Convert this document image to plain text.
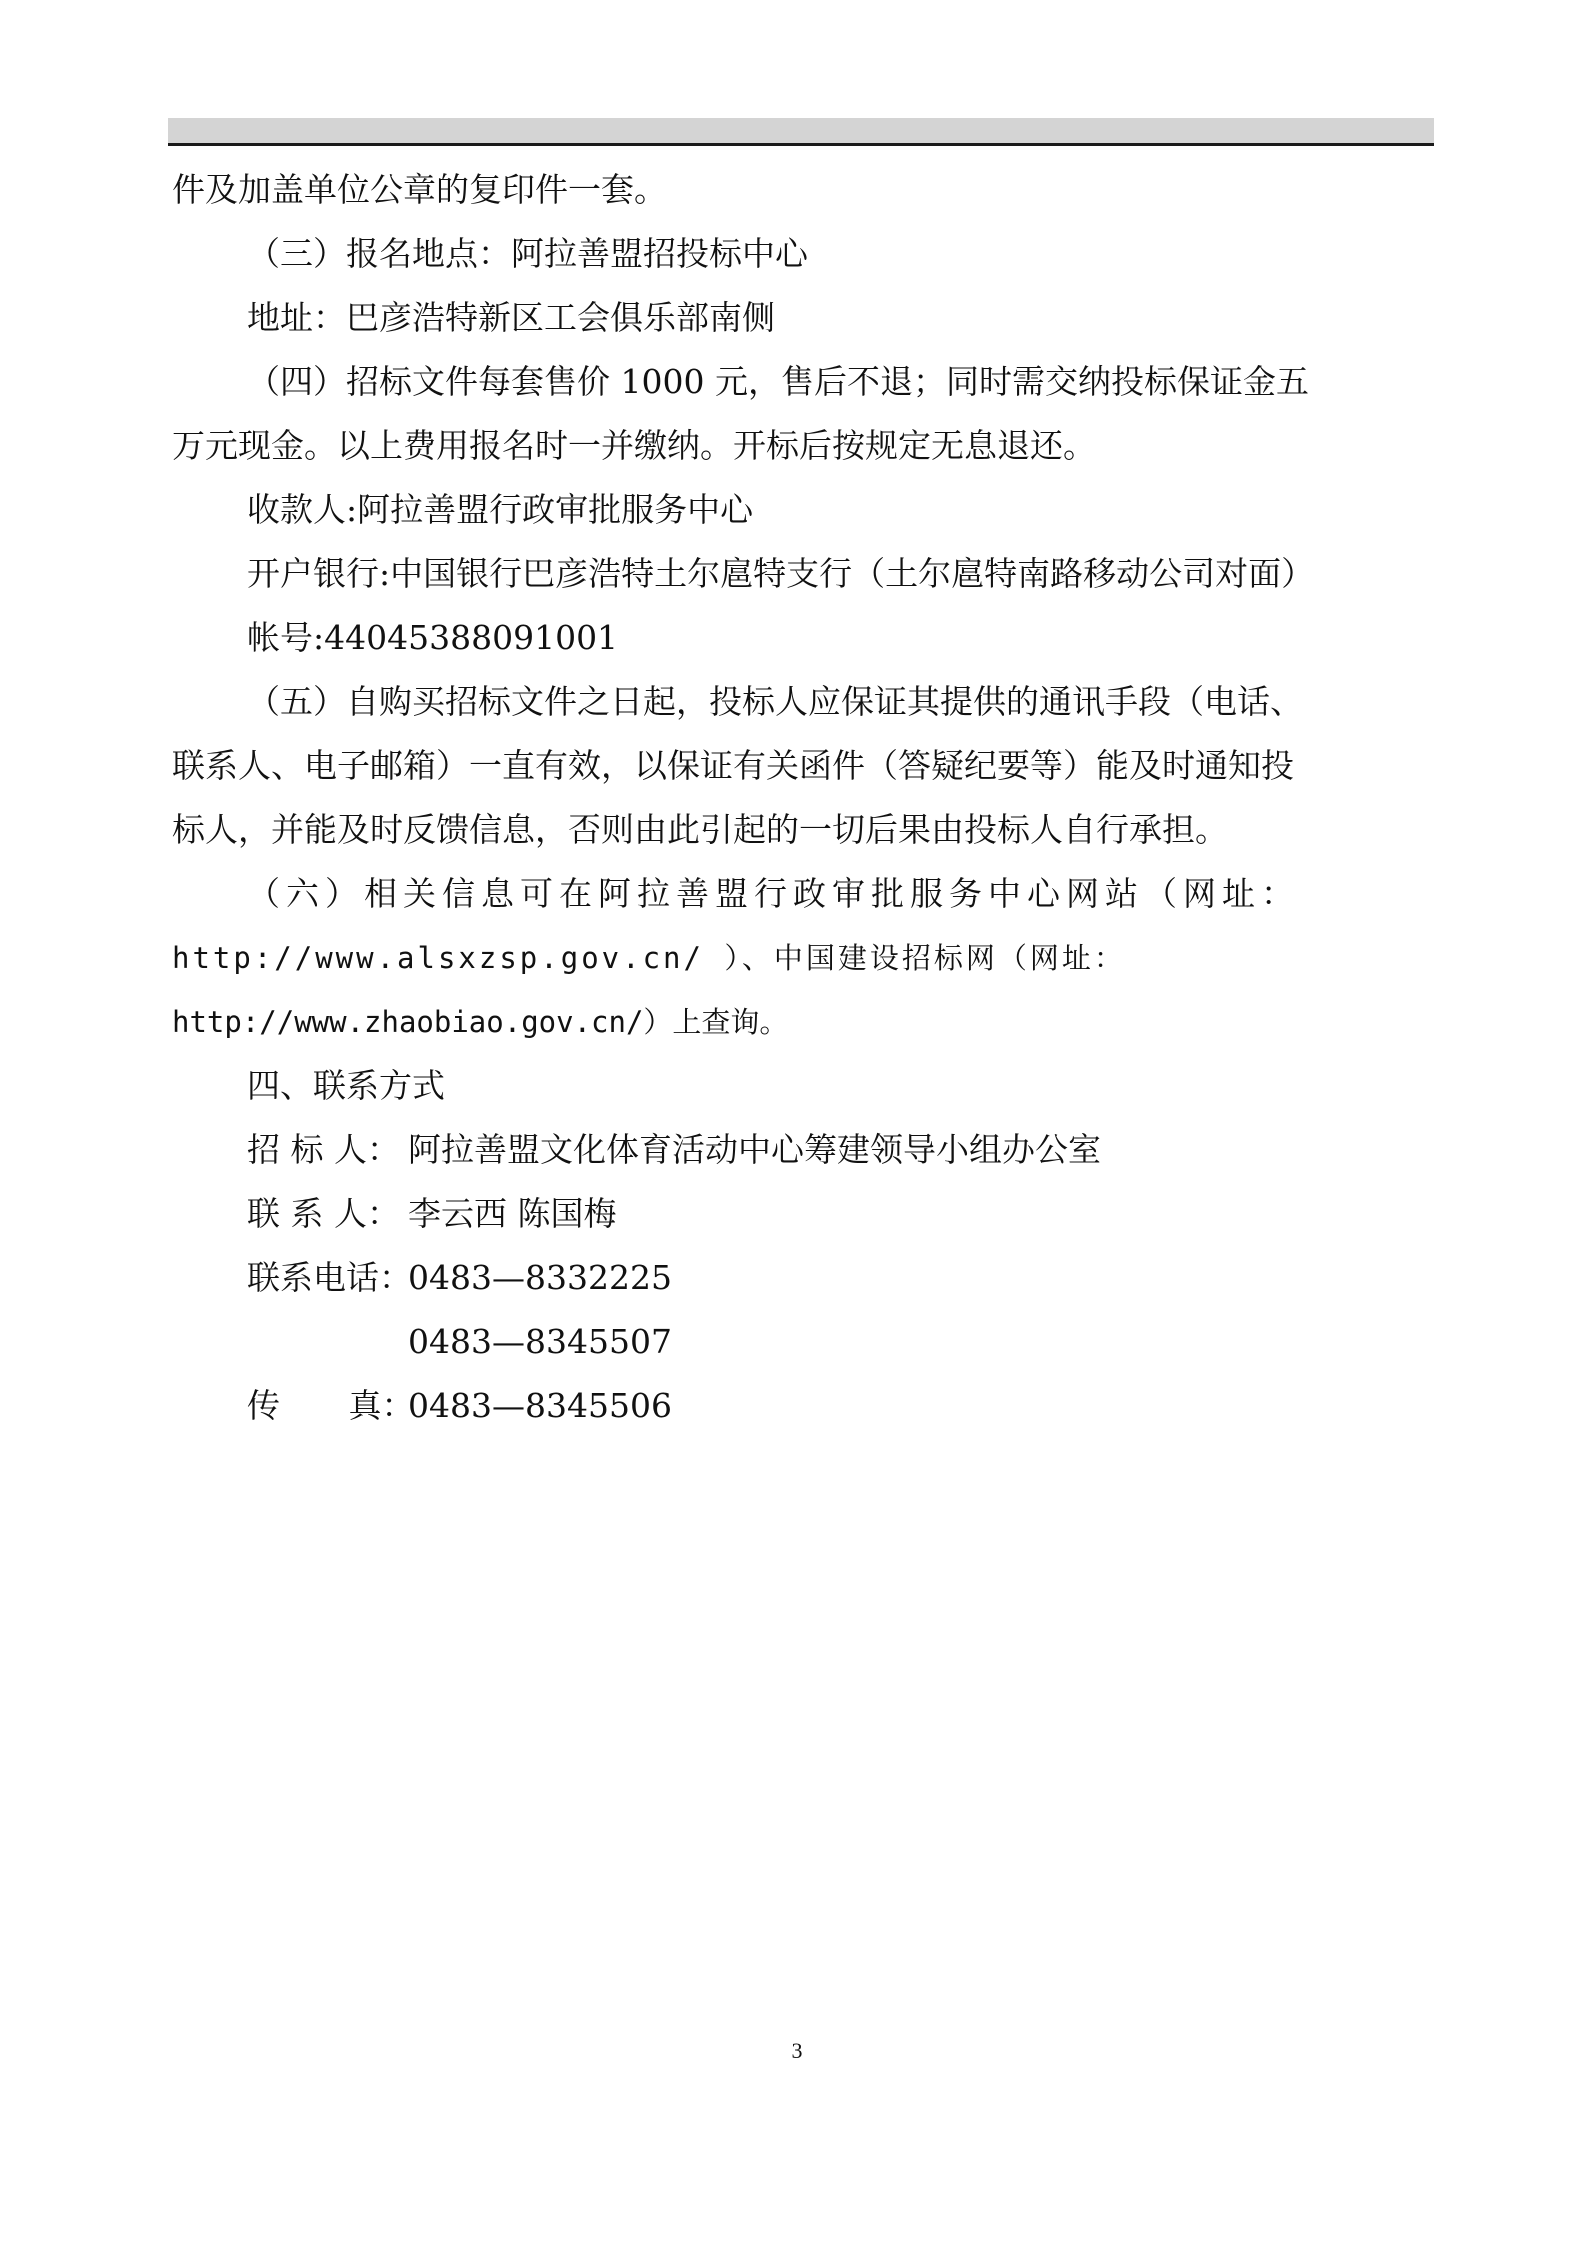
件及加盖单位公章的复印件一套。
（三）报名地点：阿拉善盟招投标中心
地址：巴彦浩特新区工会俱乐部南侧
（四）招标文件每套售价 1000 元，售后不退；同时需交纳投标保证金五
万元现金。以上费用报名时一并缴纳。开标后按规定无息退还。
收款人:阿拉善盟行政审批服务中心
开户银行:中国银行巴彦浩特土尔扈特支行（土尔扈特南路移动公司对面）
帐号:44045388091001
（五）自购买招标文件之日起，投标人应保证其提供的通讯手段（电话、
联系人、电子邮箱）一直有效，以保证有关函件（答疑纪要等）能及时通知投
标人，并能及时反馈信息，否则由此引起的一切后果由投标人自行承担。
（六）相关信息可在阿拉善盟行政审批服务中心网站（网址：
http://www.alsxzsp.gov.cn/ ）、中国建设招标网（网址：
http://www.zhaobiao.gov.cn/）上查询。
四、联系方式
招 标 人： 阿拉善盟文化体育活动中心筹建领导小组办公室
联 系 人： 李云西 陈国梅
联系电话：0483—8332225
0483—8345507
传 真：0483—8345506
3
